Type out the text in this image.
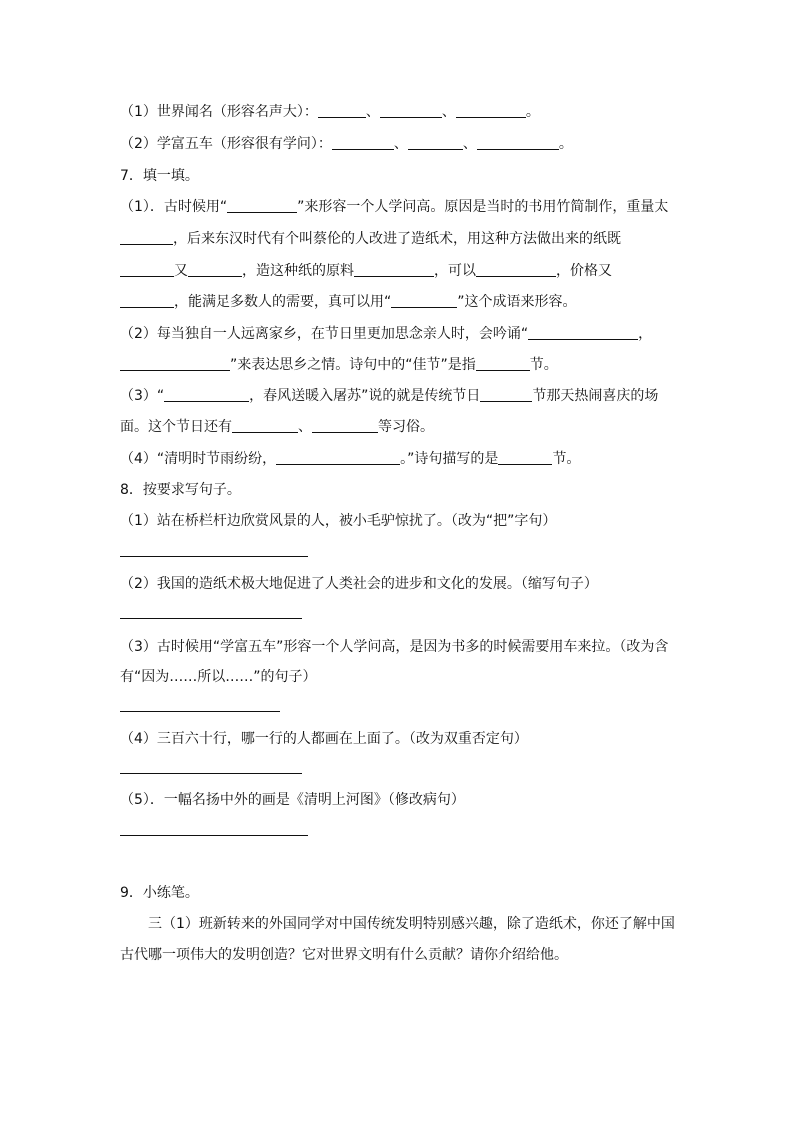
（1）世界闻名（形容名声大）：	、	、	。
（2）学富五车（形容很有学问）：	、	、	。
7．填一填。
（1）．古时候用“	”来形容一个人学问高。原因是当时的书用竹简制作，重量太
，后来东汉时代有个叫蔡伦的人改进了造纸术，用这种方法做出来的纸既
又	，造这种纸的原料	，可以	，价格又
，能满足多数人的需要，真可以用“	”这个成语来形容。
（2）每当独自一人远离家乡，在节日里更加思念亲人时，会吟诵“	，
”来表达思乡之情。诗句中的“佳节”是指	节。
（3）“	，春风送暖入屠苏”说的就是传统节日	节那天热闹喜庆的场
面。这个节日还有	、	等习俗。
（4）“清明时节雨纷纷，	。”诗句描写的是	节。
8．按要求写句子。
（1）站在桥栏杆边欣赏风景的人，被小毛驴惊扰了。（改为“把”字句）
（2）我国的造纸术极大地促进了人类社会的进步和文化的发展。（缩写句子）
（3）古时候用“学富五车”形容一个人学问高，是因为书多的时候需要用车来拉。（改为含
有“因为……所以……”的句子）
（4）三百六十行，哪一行的人都画在上面了。（改为双重否定句）
（5）．一幅名扬中外的画是《清明上河图》（修改病句）
9．小练笔。
三（1）班新转来的外国同学对中国传统发明特别感兴趣，除了造纸术，你还了解中国
古代哪一项伟大的发明创造？它对世界文明有什么贡献？请你介绍给他。
